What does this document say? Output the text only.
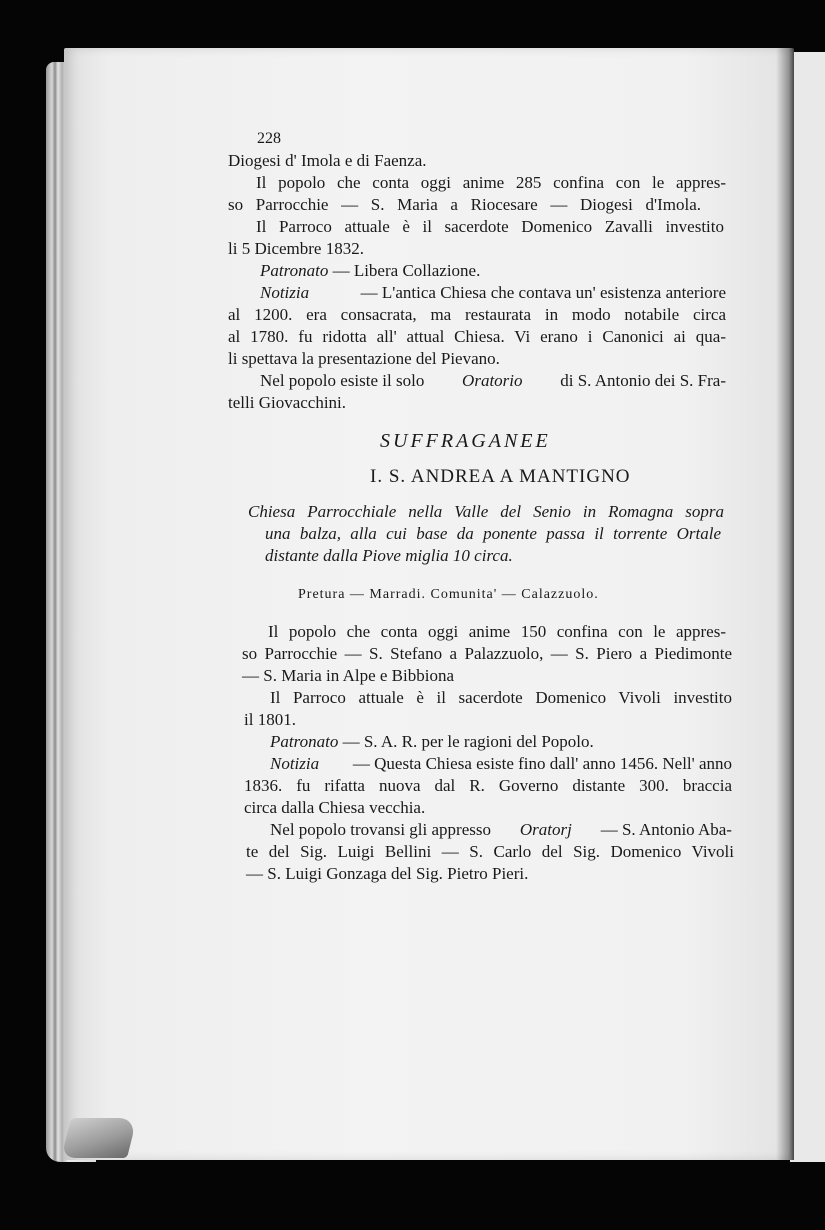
228
Diogesi d' Imola e di Faenza.
Il popolo che conta oggi anime 285 confina con le appres-
so Parrocchie — S. Maria a Riocesare — Diogesi d'Imola.
Il Parroco attuale è il sacerdote Domenico Zavalli investito
li 5 Dicembre 1832.
Patronato — Libera Collazione.
Notizia	— L'antica Chiesa che contava un' esistenza anteriore
al 1200. era consacrata, ma restaurata in modo notabile circa
al 1780. fu ridotta all' attual Chiesa. Vi erano i Canonici ai qua-
li spettava la presentazione del Pievano.
Nel popolo esiste il solo Oratorio di S. Antonio dei S. Fra-
telli Giovacchini.
SUFFRAGANEE
I. S. ANDREA A MANTIGNO
Chiesa Parrocchiale nella Valle del Senio in Romagna sopra
una balza, alla cui base da ponente passa il torrente Ortale
distante dalla Piove miglia 10 circa.
Pretura — Marradi. Comunita' — Calazzuolo.
Il popolo che conta oggi anime 150 confina con le appres-
so Parrocchie — S. Stefano a Palazzuolo, — S. Piero a Piedimonte
— S. Maria in Alpe e Bibbiona
Il Parroco attuale è il sacerdote Domenico Vivoli investito
il 1801.
Patronato — S. A. R. per le ragioni del Popolo.
Notizia — Questa Chiesa esiste fino dall' anno 1456. Nell' anno
1836. fu rifatta nuova dal R. Governo distante 300. braccia
circa dalla Chiesa vecchia.
Nel popolo trovansi gli appresso Oratorj — S. Antonio Aba-
te del Sig. Luigi Bellini — S. Carlo del Sig. Domenico Vivoli
— S. Luigi Gonzaga del Sig. Pietro Pieri.
